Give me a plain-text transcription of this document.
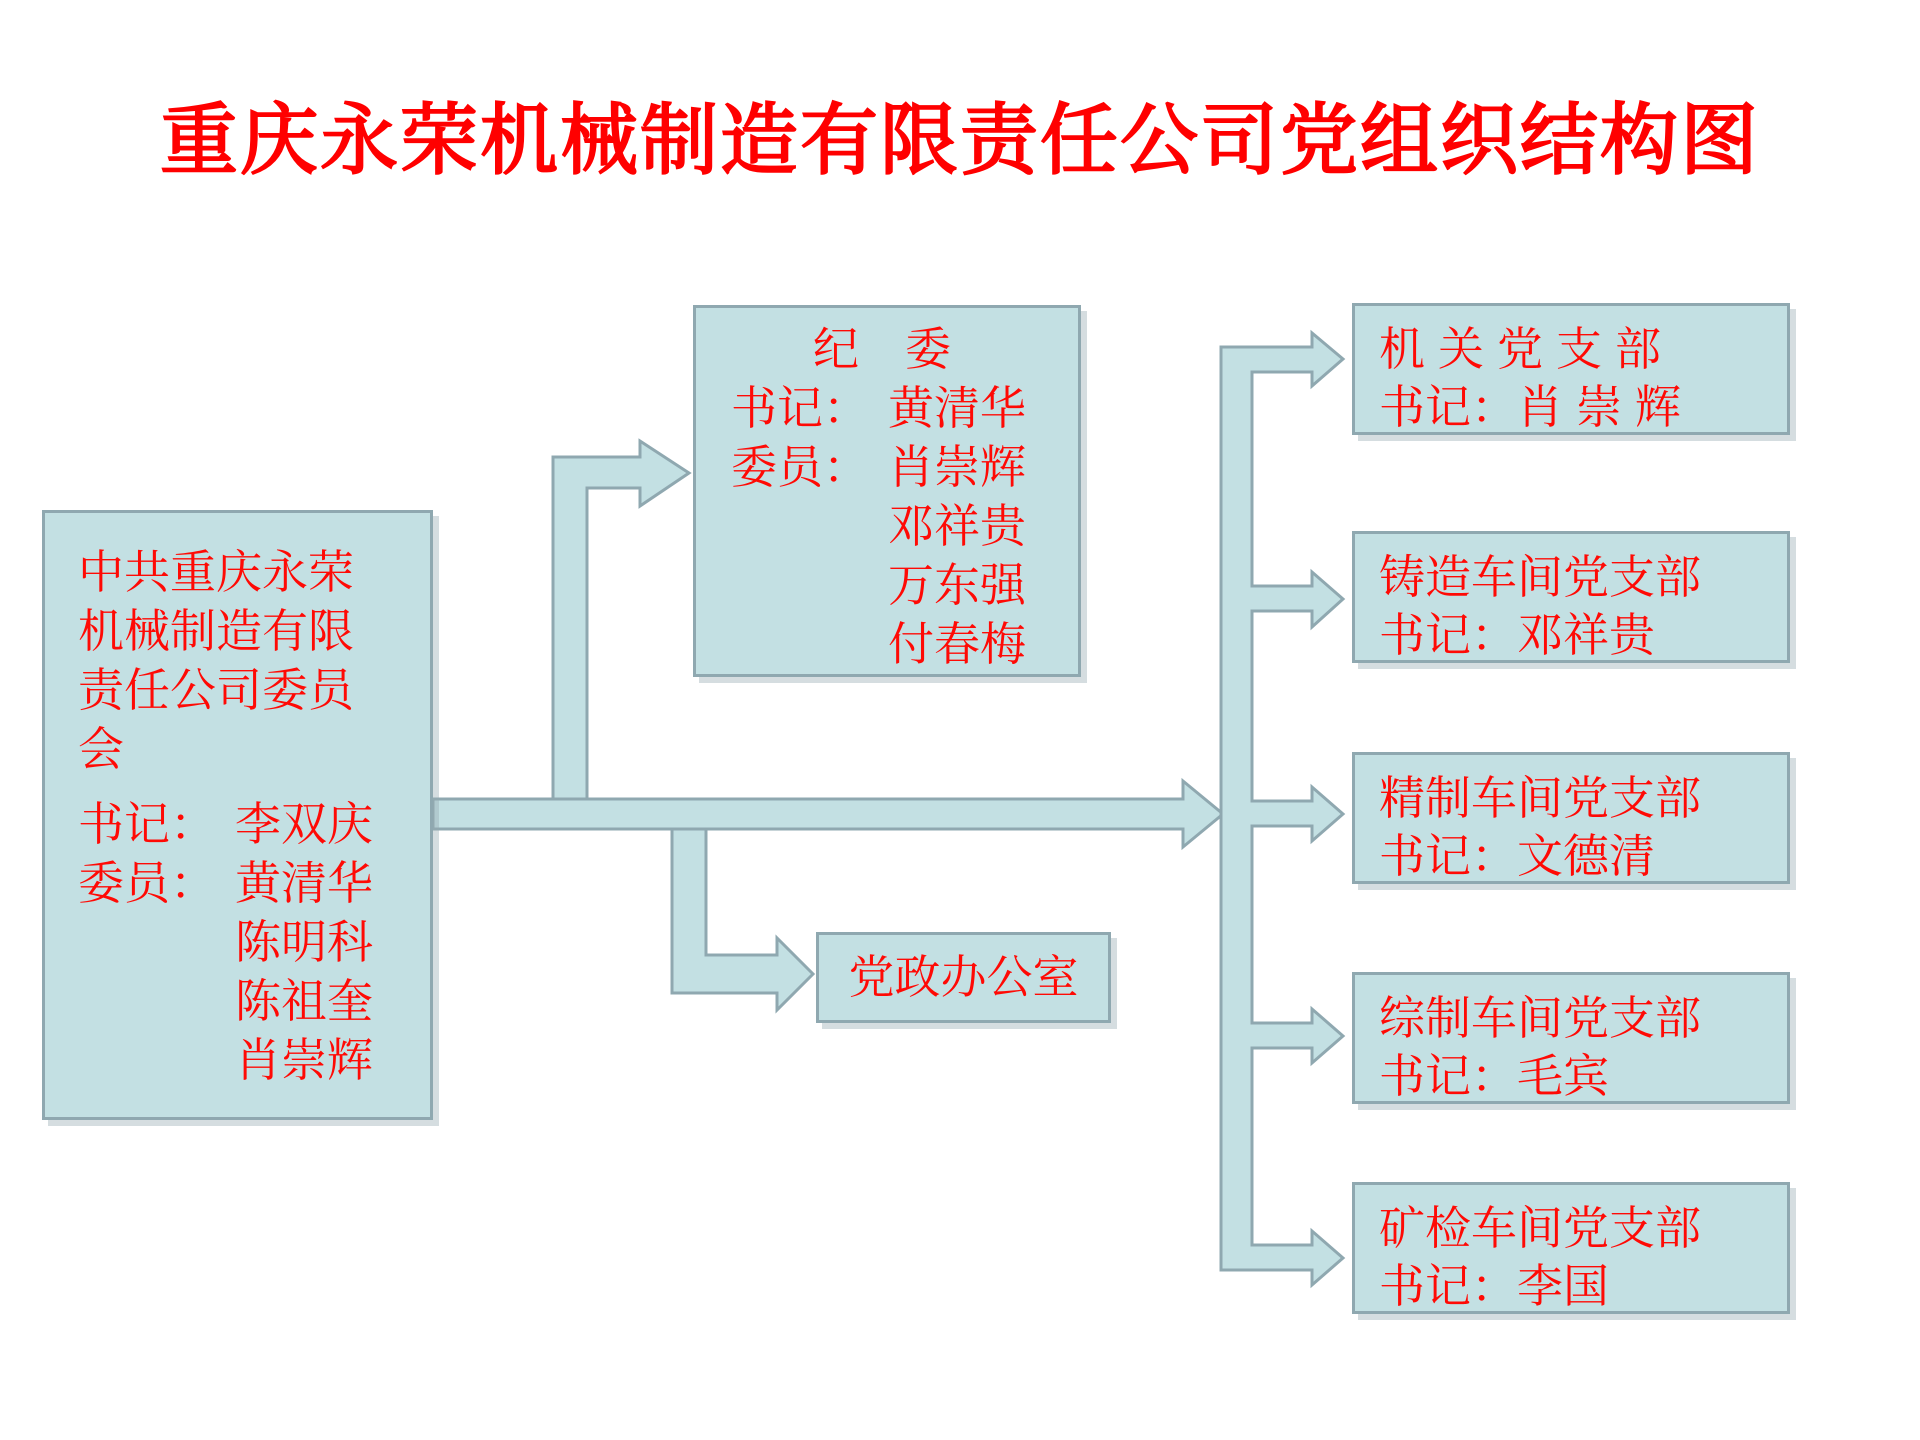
重庆永荣机械制造有限责任公司党组织结构图
中共重庆永荣
机械制造有限
责任公司委员
会
书记： 李双庆
委员： 黄清华
陈明科
陈祖奎
肖崇辉
纪　委
书记： 黄清华
委员： 肖崇辉
邓祥贵
万东强
付春梅
党政办公室
机关党支部
书记：肖崇辉
铸造车间党支部
书记：邓祥贵
精制车间党支部
书记：文德清
综制车间党支部
书记：毛宾
矿检车间党支部
书记：李国
